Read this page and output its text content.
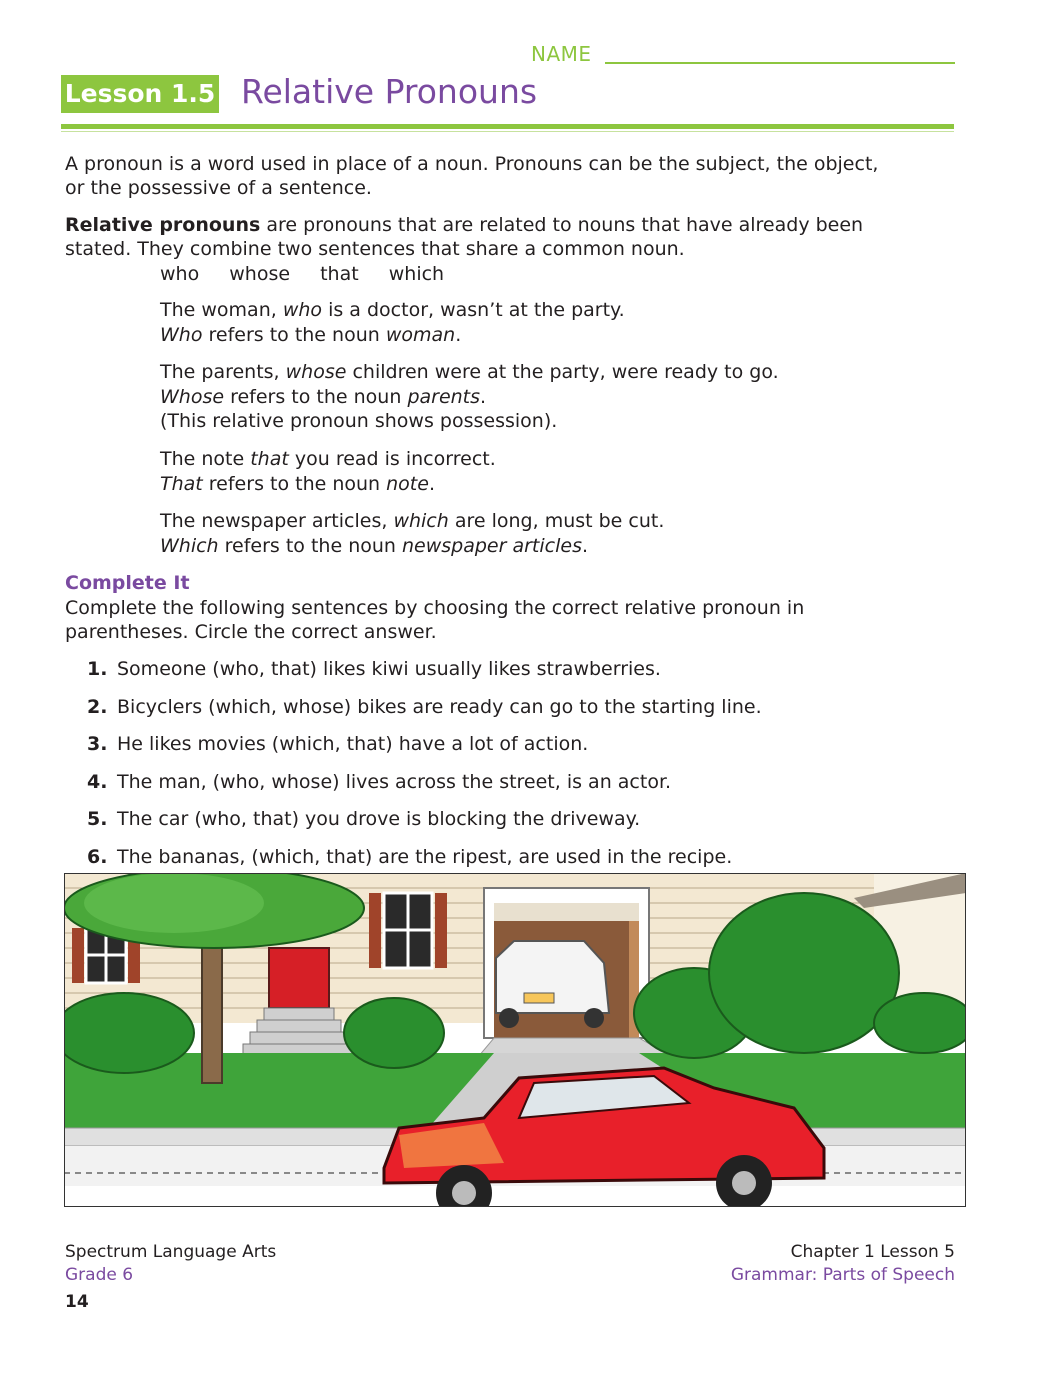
NAME
Lesson 1.5 Relative Pronouns
A pronoun is a word used in place of a noun. Pronouns can be the subject, the object,
or the possessive of a sentence.
Relative pronouns are pronouns that are related to nouns that have already been
stated. They combine two sentences that share a common noun.
who whose that which
The woman, who is a doctor, wasn’t at the party.
Who refers to the noun woman.
The parents, whose children were at the party, were ready to go.
Whose refers to the noun parents.
(This relative pronoun shows possession).
The note that you read is incorrect.
That refers to the noun note.
The newspaper articles, which are long, must be cut.
Which refers to the noun newspaper articles.
Complete It
Complete the following sentences by choosing the correct relative pronoun in
parentheses. Circle the correct answer.
1. Someone (who, that) likes kiwi usually likes strawberries.
2. Bicyclers (which, whose) bikes are ready can go to the starting line.
3. He likes movies (which, that) have a lot of action.
4. The man, (who, whose) lives across the street, is an actor.
5. The car (who, that) you drove is blocking the driveway.
6. The bananas, (which, that) are the ripest, are used in the recipe.
Spectrum Language Arts
Grade 6
Chapter 1 Lesson 5
Grammar: Parts of Speech
14
